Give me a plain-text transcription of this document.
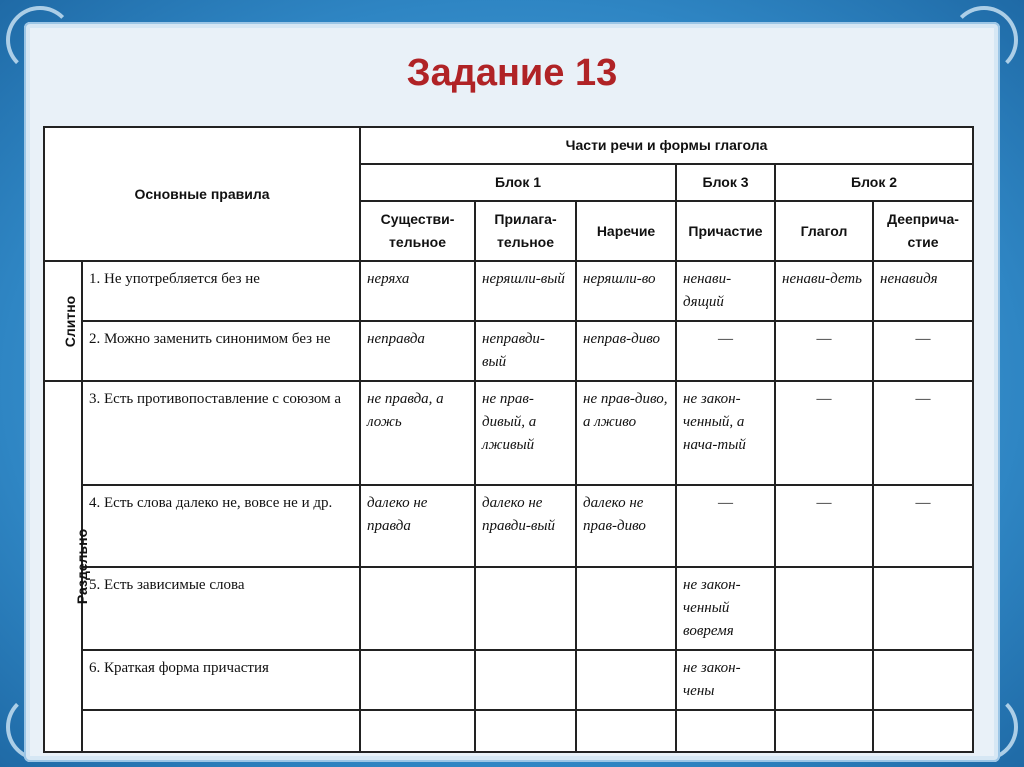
Задание 13
Основные правила		Части речи и формы глагола					
		Блок 1			Блок 3	Блок 2	
		Существи-тельное	Прилага-тельное	Наречие	Причастие	Глагол	Дееприча-стие
Слитно	1. Не употребляется без не	неряха	неряшли-вый	неряшли-во	ненави-дящий	ненави-деть	ненавидя
	2. Можно заменить синонимом без не	неправда	неправди-вый	неправ-диво	—	—	—
Раздельно	3. Есть противопоставление с союзом а	не правда, а ложь	не прав-дивый, а лживый	не прав-диво, а лживо	не закон-ченный, а нача-тый	—	—
	4. Есть слова далеко не, вовсе не и др.	далеко не правда	далеко не правди-вый	далеко не прав-диво	—	—	—
	5. Есть зависимые слова				не закон-ченный вовремя		
	6. Краткая форма причастия				не закон-чены		
